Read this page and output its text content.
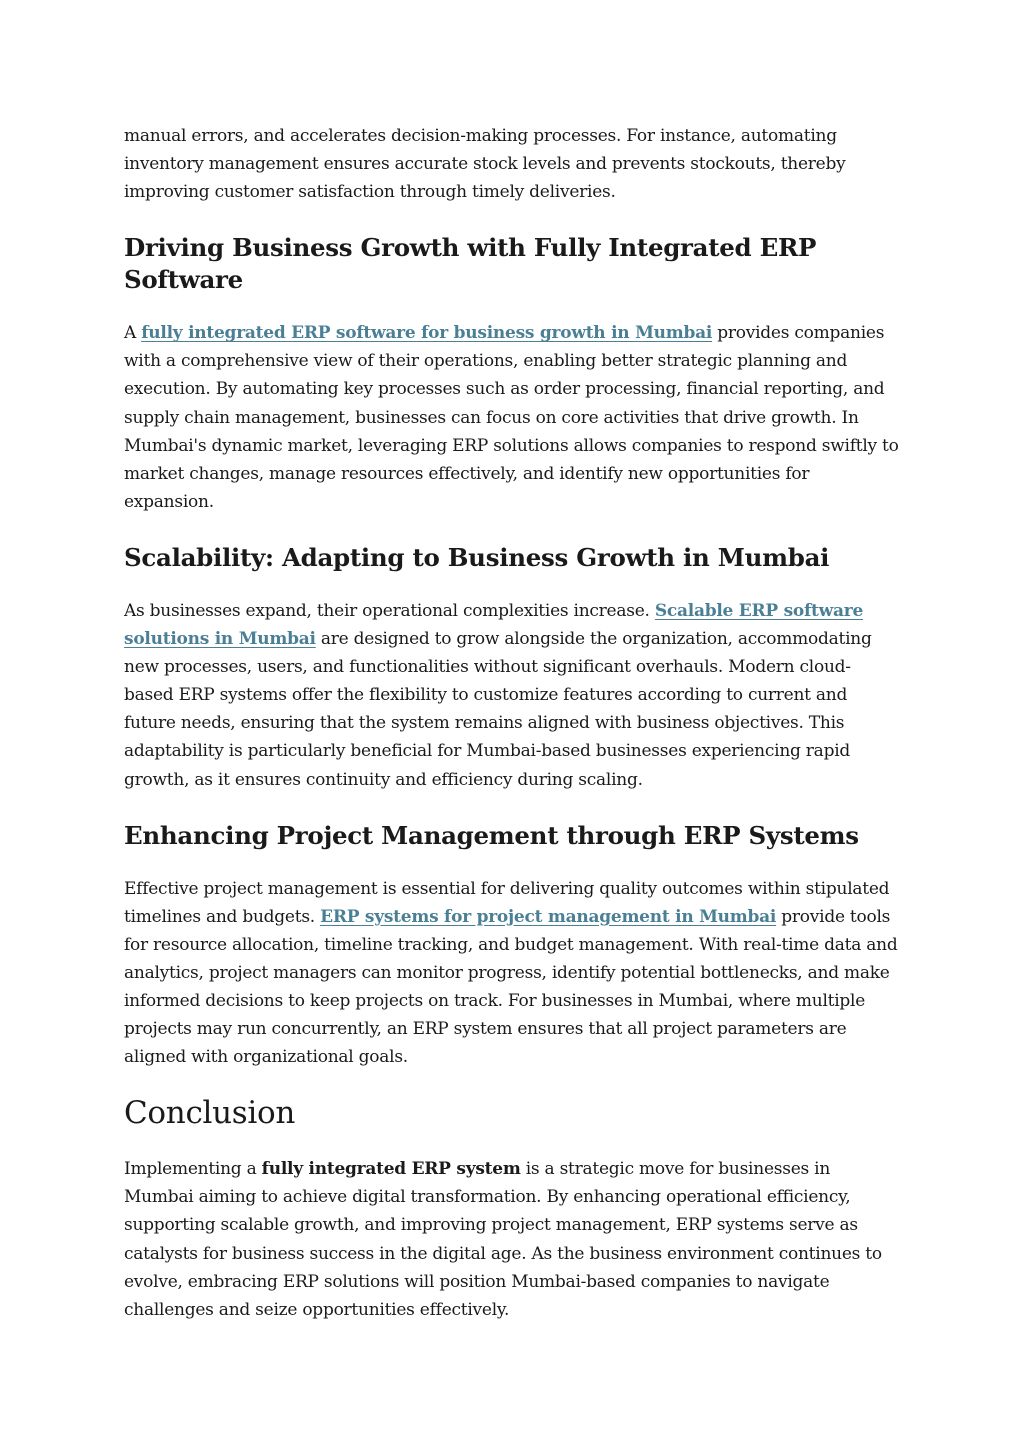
manual errors, and accelerates decision-making processes. For instance, automating inventory management ensures accurate stock levels and prevents stockouts, thereby improving customer satisfaction through timely deliveries.

Driving Business Growth with Fully Integrated ERP Software

A fully integrated ERP software for business growth in Mumbai provides companies with a comprehensive view of their operations, enabling better strategic planning and execution. By automating key processes such as order processing, financial reporting, and supply chain management, businesses can focus on core activities that drive growth. In Mumbai's dynamic market, leveraging ERP solutions allows companies to respond swiftly to market changes, manage resources effectively, and identify new opportunities for expansion.

Scalability: Adapting to Business Growth in Mumbai

As businesses expand, their operational complexities increase. Scalable ERP software solutions in Mumbai are designed to grow alongside the organization, accommodating new processes, users, and functionalities without significant overhauls. Modern cloud-based ERP systems offer the flexibility to customize features according to current and future needs, ensuring that the system remains aligned with business objectives. This adaptability is particularly beneficial for Mumbai-based businesses experiencing rapid growth, as it ensures continuity and efficiency during scaling.

Enhancing Project Management through ERP Systems

Effective project management is essential for delivering quality outcomes within stipulated timelines and budgets. ERP systems for project management in Mumbai provide tools for resource allocation, timeline tracking, and budget management. With real-time data and analytics, project managers can monitor progress, identify potential bottlenecks, and make informed decisions to keep projects on track. For businesses in Mumbai, where multiple projects may run concurrently, an ERP system ensures that all project parameters are aligned with organizational goals.

Conclusion

Implementing a fully integrated ERP system is a strategic move for businesses in Mumbai aiming to achieve digital transformation. By enhancing operational efficiency, supporting scalable growth, and improving project management, ERP systems serve as catalysts for business success in the digital age. As the business environment continues to evolve, embracing ERP solutions will position Mumbai-based companies to navigate challenges and seize opportunities effectively.
